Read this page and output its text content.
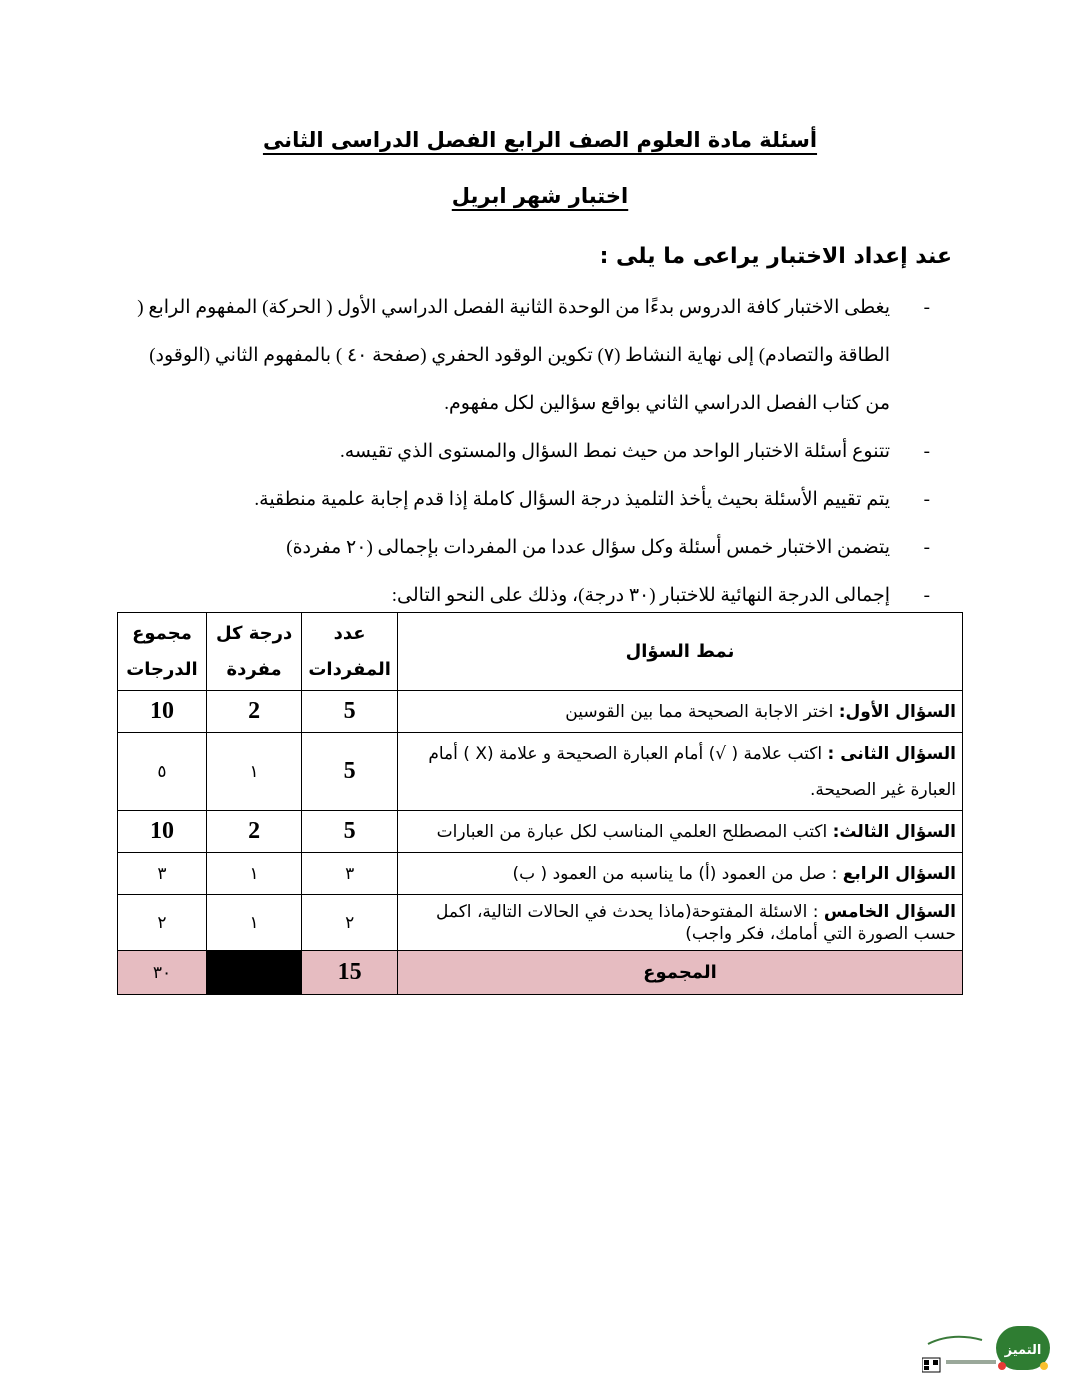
أسئلة مادة العلوم الصف الرابع الفصل الدراسى الثانى
اختبار شهر ابريل
عند إعداد الاختبار يراعى ما يلى :
- يغطى الاختبار كافة الدروس بدءًا من الوحدة الثانية الفصل الدراسي الأول ( الحركة) المفهوم الرابع ( الطاقة والتصادم) إلى نهاية النشاط (٧) تكوين الوقود الحفري (صفحة ٤٠ ) بالمفهوم الثاني (الوقود) من كتاب الفصل الدراسي الثاني بواقع سؤالين لكل مفهوم.
- تتنوع أسئلة الاختبار الواحد من حيث نمط السؤال والمستوى الذي تقيسه.
- يتم تقييم الأسئلة بحيث يأخذ التلميذ درجة السؤال كاملة إذا قدم إجابة علمية منطقية.
- يتضمن الاختبار خمس أسئلة وكل سؤال عددا من المفردات بإجمالى (٢٠ مفردة)
- إجمالى الدرجة النهائية للاختبار (٣٠ درجة)، وذلك على النحو التالى:
نمط السؤال	عدد المفردات	درجة كل مفردة	مجموع الدرجات
السؤال الأول: اختر الاجابة الصحيحة مما بين القوسين	5	2	10
السؤال الثانى : اكتب علامة ( √) أمام العبارة الصحيحة و علامة (X ) أمام العبارة غير الصحيحة.	5	١	٥
السؤال الثالث: اكتب المصطلح العلمي المناسب لكل عبارة من العبارات	5	2	10
السؤال الرابع : صل من العمود (أ) ما يناسبه من العمود ( ب)	٣	١	٣
السؤال الخامس : الاسئلة المفتوحة(ماذا يحدث في الحالات التالية، اكمل حسب الصورة التي أمامك، فكر واجب)	٢	١	٢
المجموع	15		٣٠
التميز
